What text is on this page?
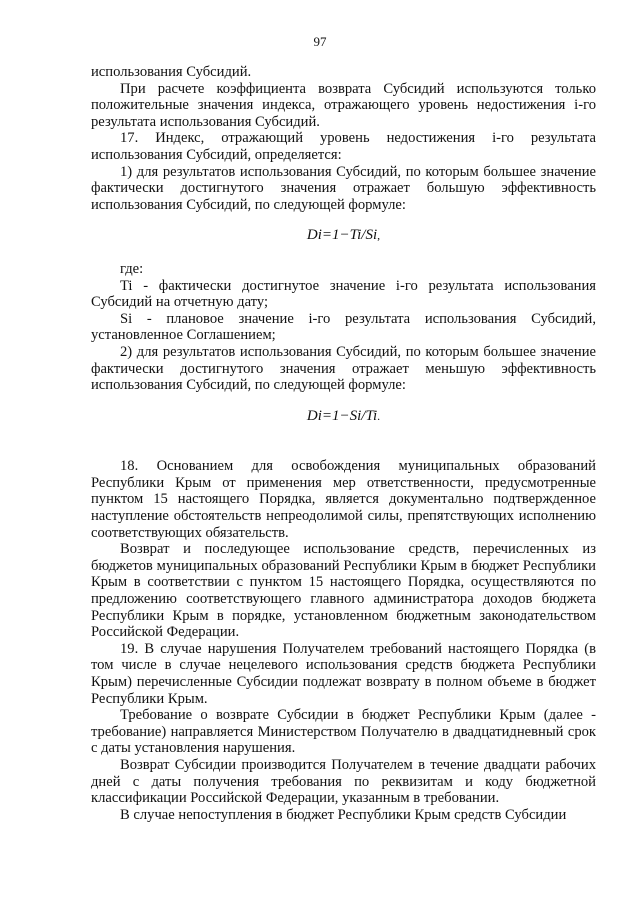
97

использования Субсидий.

При расчете коэффициента возврата Субсидий используются только положительные значения индекса, отражающего уровень недостижения i-го результата использования Субсидий.

17. Индекс, отражающий уровень недостижения i-го результата использования Субсидий, определяется:

1) для результатов использования Субсидий, по которым большее значение фактически достигнутого значения отражает большую эффективность использования Субсидий, по следующей формуле:

Di=1−Ti/Si,

где:

Ti - фактически достигнутое значение i-го результата использования Субсидий на отчетную дату;

Si - плановое значение i-го результата использования Субсидий, установленное Соглашением;

2) для результатов использования Субсидий, по которым большее значение фактически достигнутого значения отражает меньшую эффективность использования Субсидий, по следующей формуле:

Di=1−Si/Ti.

18. Основанием для освобождения муниципальных образований Республики Крым от применения мер ответственности, предусмотренные пунктом 15 настоящего Порядка, является документально подтвержденное наступление обстоятельств непреодолимой силы, препятствующих исполнению соответствующих обязательств.

Возврат и последующее использование средств, перечисленных из бюджетов муниципальных образований Республики Крым в бюджет Республики Крым в соответствии с пунктом 15 настоящего Порядка, осуществляются по предложению соответствующего главного администратора доходов бюджета Республики Крым в порядке, установленном бюджетным законодательством Российской Федерации.

19. В случае нарушения Получателем требований настоящего Порядка (в том числе в случае нецелевого использования средств бюджета Республики Крым) перечисленные Субсидии подлежат возврату в полном объеме в бюджет Республики Крым.

Требование о возврате Субсидии в бюджет Республики Крым (далее - требование) направляется Министерством Получателю в двадцатидневный срок с даты установления нарушения.

Возврат Субсидии производится Получателем в течение двадцати рабочих дней с даты получения требования по реквизитам и коду бюджетной классификации Российской Федерации, указанным в требовании.

В случае непоступления в бюджет Республики Крым средств Субсидии
